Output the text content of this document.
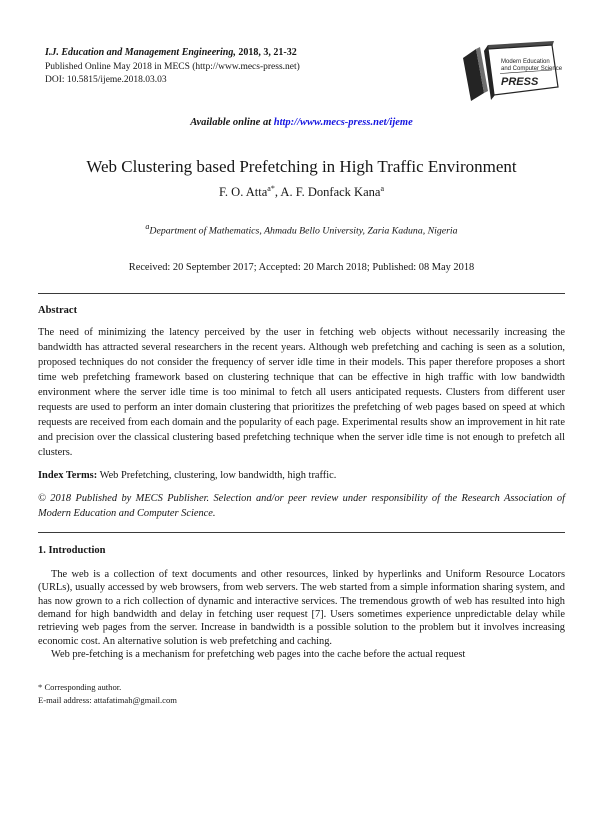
I.J. Education and Management Engineering, 2018, 3, 21-32
Published Online May 2018 in MECS (http://www.mecs-press.net)
DOI: 10.5815/ijeme.2018.03.03
Modern Education
and Computer Science
PRESS
Available online at http://www.mecs-press.net/ijeme
Web Clustering based Prefetching in High Traffic Environment
F. O. Atta$^{a*}$, A. F. Donfack Kana$^a$
$^a$Department of Mathematics, Ahmadu Bello University, Zaria Kaduna, Nigeria
Received: 20 September 2017; Accepted: 20 March 2018; Published: 08 May 2018
Abstract

The need of minimizing the latency perceived by the user in fetching web objects without necessarily increasing the bandwidth has attracted several researchers in the recent years. Although web prefetching and caching is seen as a solution, proposed techniques do not consider the frequency of server idle time in their models. This paper therefore proposes a short time web prefetching framework based on clustering technique that can be effective in high traffic with low bandwidth environment where the server idle time is too minimal to fetch all users anticipated requests. Clusters from different user requests are used to perform an inter domain clustering that prioritizes the prefetching of web pages based on speed at which requests are received from each domain and the popularity of each page. Experimental results show an improvement in hit rate and precision over the classical clustering based prefetching technique when the server idle time is not enough to prefetch all clusters.

Index Terms: Web Prefetching, clustering, low bandwidth, high traffic.

© 2018 Published by MECS Publisher. Selection and/or peer review under responsibility of the Research Association of Modern Education and Computer Science.

1. Introduction

The web is a collection of text documents and other resources, linked by hyperlinks and Uniform Resource Locators (URLs), usually accessed by web browsers, from web servers. The web started from a simple information sharing system, and has now grown to a rich collection of dynamic and interactive services. The tremendous growth of web has resulted into high demand for high bandwidth and delay in fetching user request [7]. Users sometimes experience unpredictable delay while retrieving web pages from the server. Increase in bandwidth is a possible solution to the problem but it involves increasing economic cost. An alternative solution is web prefetching and caching.

Web pre-fetching is a mechanism for prefetching web pages into the cache before the actual request

* Corresponding author.
E-mail address: attafatimah@gmail.com
